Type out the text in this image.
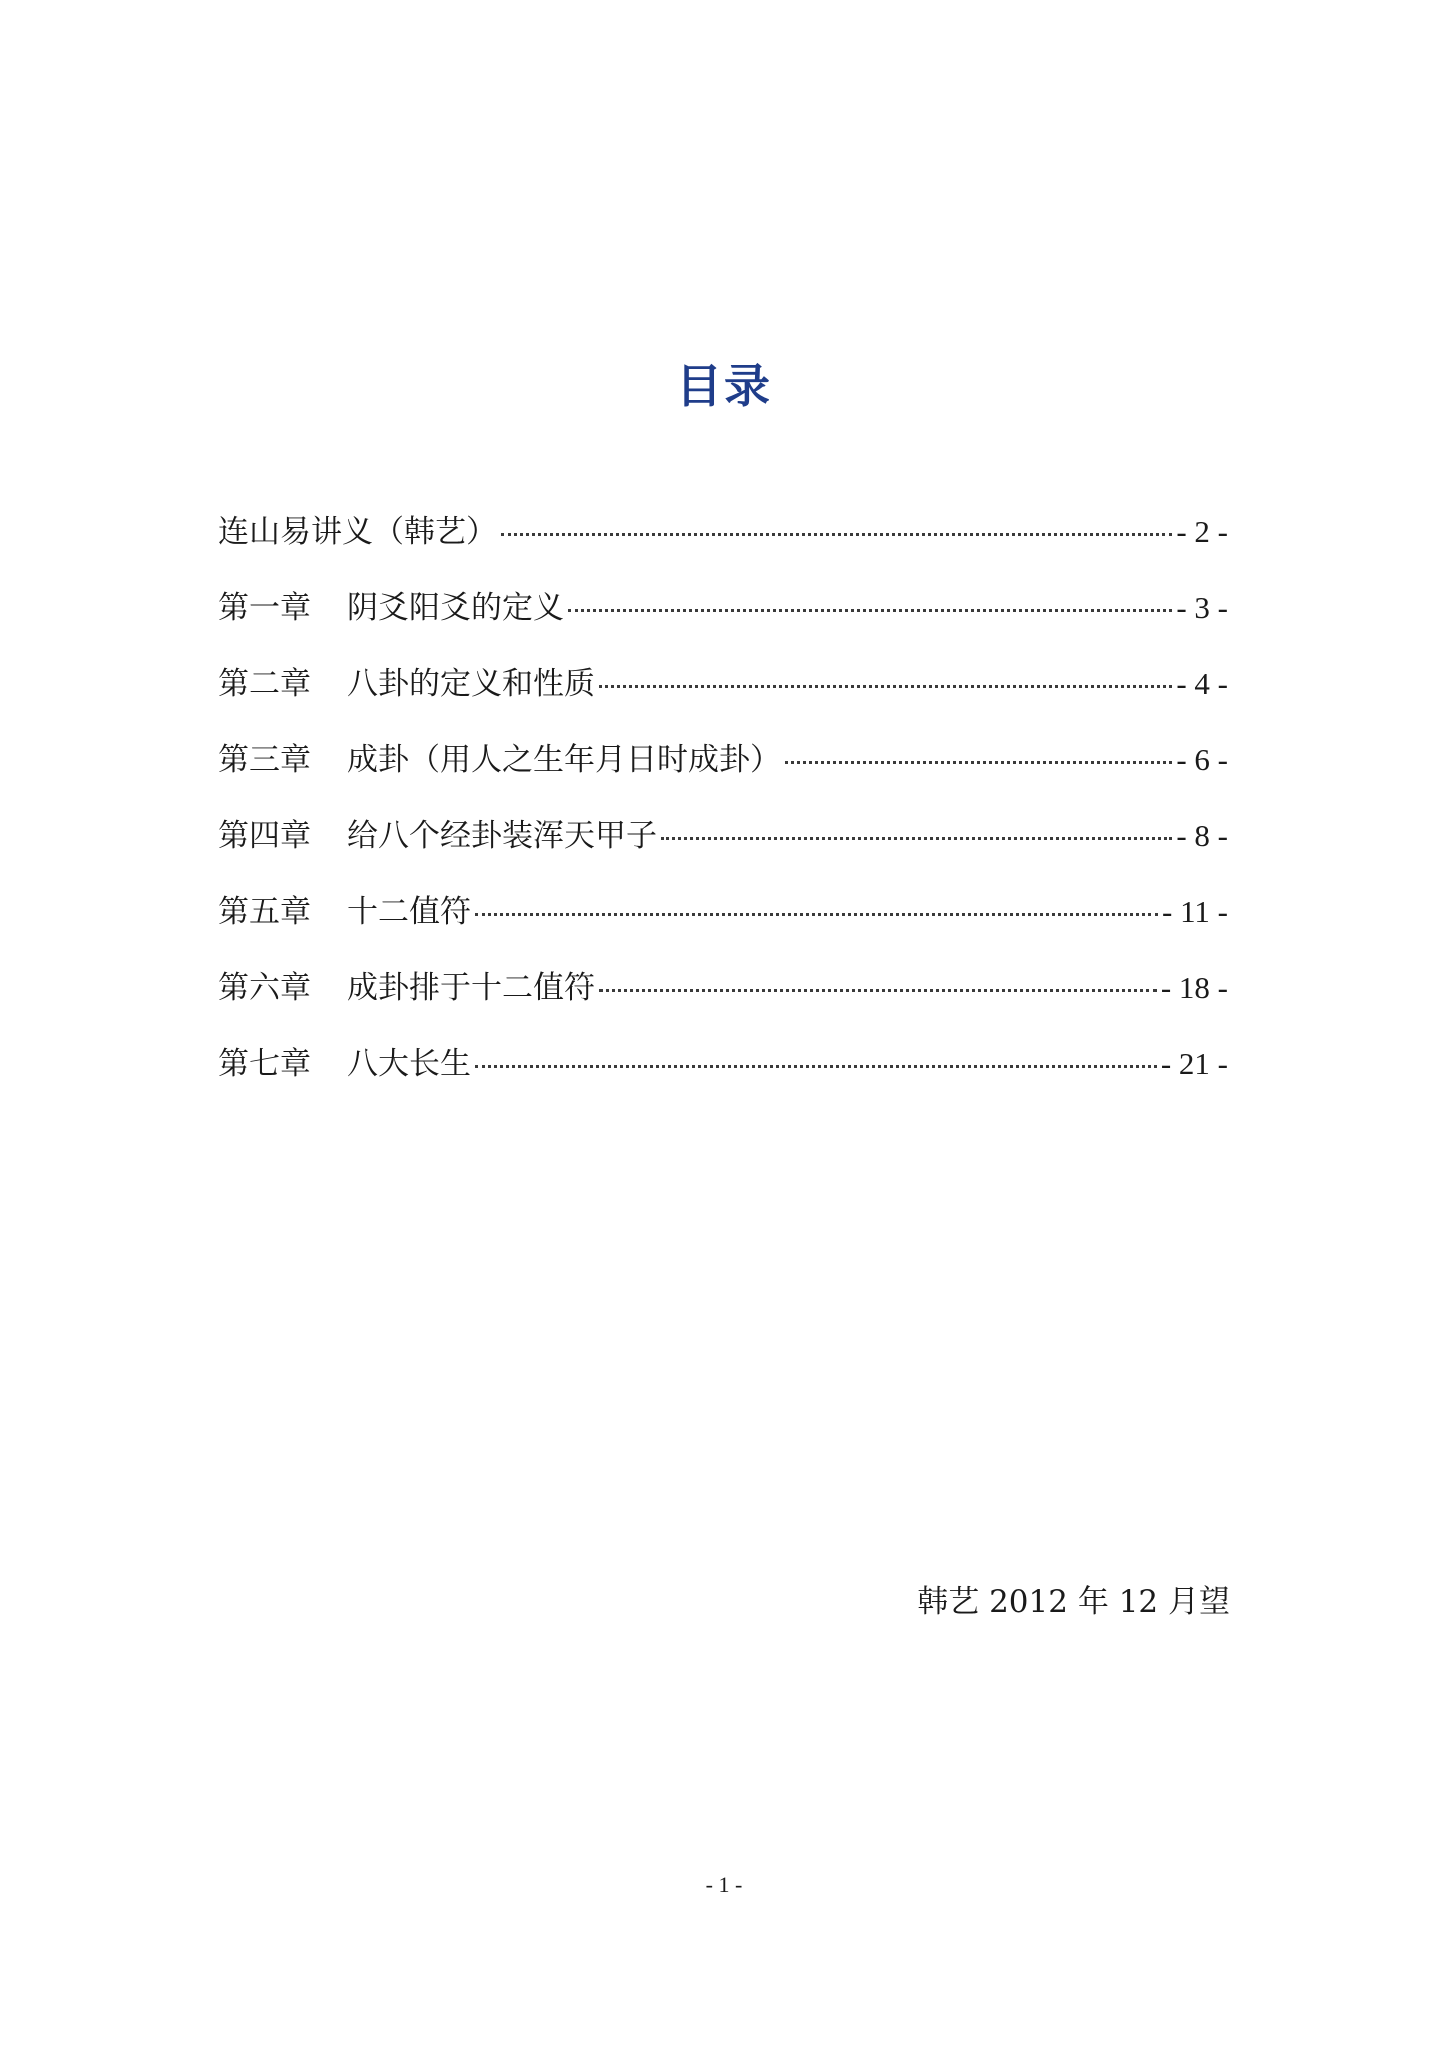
目录
连山易讲义（韩艺）	- 2 -
第一章 阴爻阳爻的定义	- 3 -
第二章 八卦的定义和性质	- 4 -
第三章 成卦（用人之生年月日时成卦）	- 6 -
第四章 给八个经卦装浑天甲子	- 8 -
第五章 十二值符	- 11 -
第六章 成卦排于十二值符	- 18 -
第七章 八大长生	- 21 -
韩艺 2012 年 12 月望
- 1 -
